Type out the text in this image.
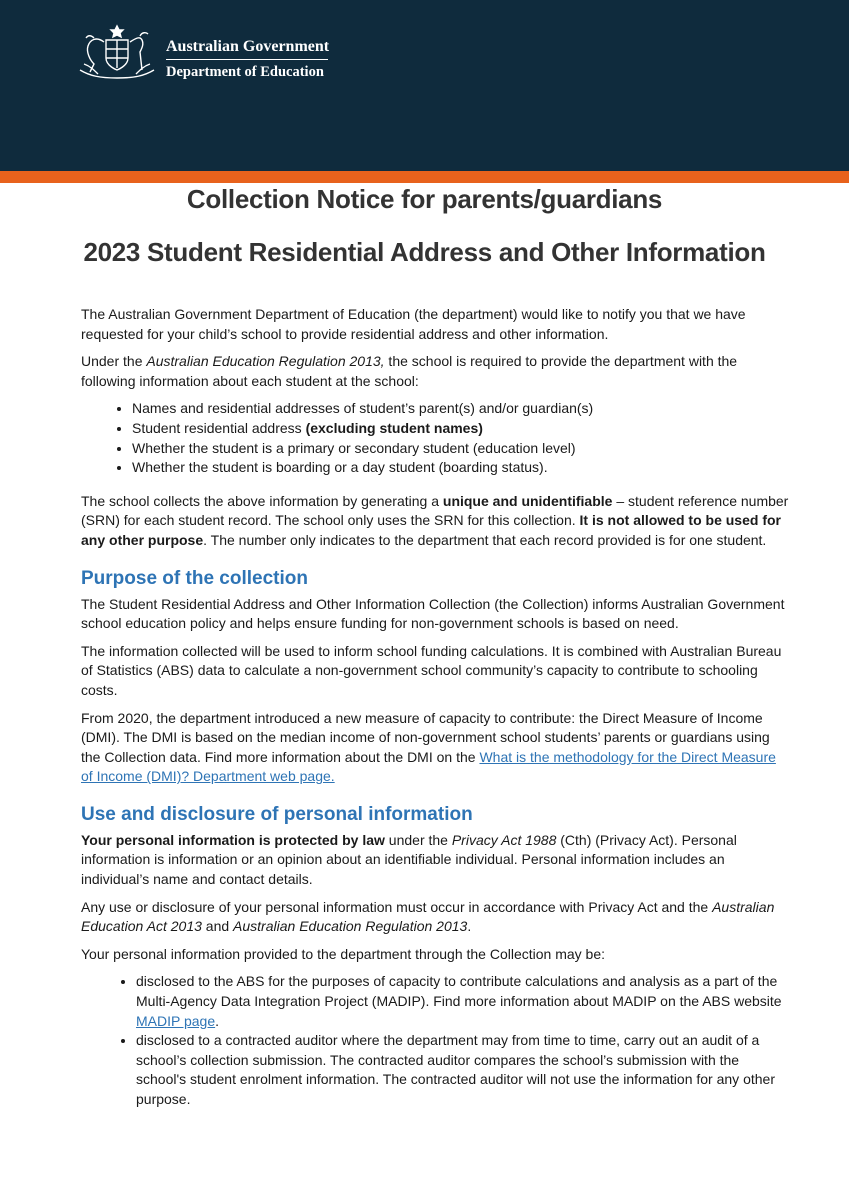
Australian Government
Department of Education
Collection Notice for parents/guardians
2023 Student Residential Address and Other Information

The Australian Government Department of Education (the department) would like to notify you that we have requested for your child’s school to provide residential address and other information.

Under the Australian Education Regulation 2013, the school is required to provide the department with the following information about each student at the school:

• Names and residential addresses of student’s parent(s) and/or guardian(s)
• Student residential address (excluding student names)
• Whether the student is a primary or secondary student (education level)
• Whether the student is boarding or a day student (boarding status).

The school collects the above information by generating a unique and unidentifiable – student reference number (SRN) for each student record. The school only uses the SRN for this collection. It is not allowed to be used for any other purpose. The number only indicates to the department that each record provided is for one student.

Purpose of the collection

The Student Residential Address and Other Information Collection (the Collection) informs Australian Government school education policy and helps ensure funding for non-government schools is based on need.

The information collected will be used to inform school funding calculations. It is combined with Australian Bureau of Statistics (ABS) data to calculate a non-government school community’s capacity to contribute to schooling costs.

From 2020, the department introduced a new measure of capacity to contribute: the Direct Measure of Income (DMI). The DMI is based on the median income of non-government school students’ parents or guardians using the Collection data. Find more information about the DMI on the What is the methodology for the Direct Measure of Income (DMI)? Department web page.

Use and disclosure of personal information

Your personal information is protected by law under the Privacy Act 1988 (Cth) (Privacy Act). Personal information is information or an opinion about an identifiable individual. Personal information includes an individual’s name and contact details.

Any use or disclosure of your personal information must occur in accordance with Privacy Act and the Australian Education Act 2013 and Australian Education Regulation 2013.

Your personal information provided to the department through the Collection may be:

• disclosed to the ABS for the purposes of capacity to contribute calculations and analysis as a part of the Multi-Agency Data Integration Project (MADIP). Find more information about MADIP on the ABS website MADIP page.
• disclosed to a contracted auditor where the department may from time to time, carry out an audit of a school’s collection submission. The contracted auditor compares the school’s submission with the school's student enrolment information. The contracted auditor will not use the information for any other purpose.
